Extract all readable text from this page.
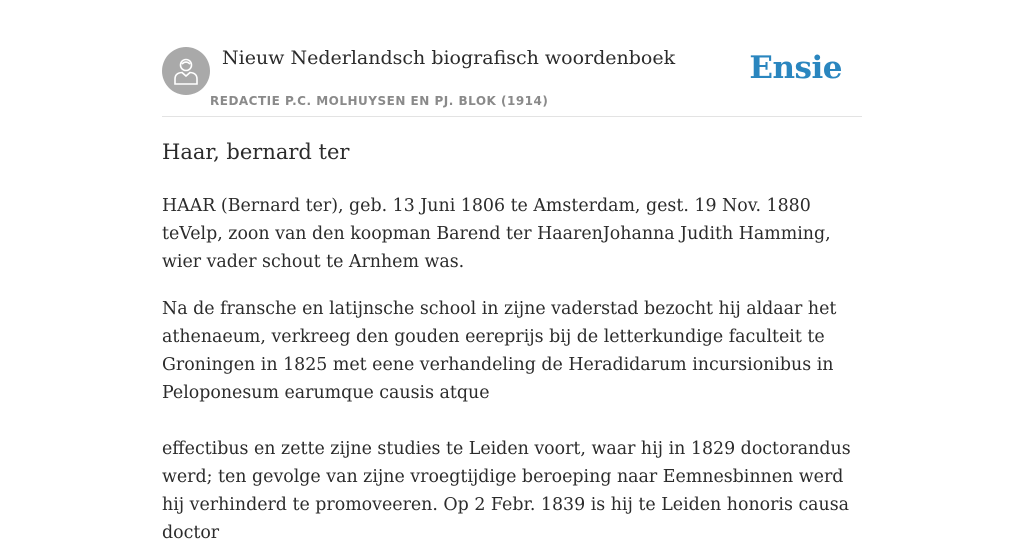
Nieuw Nederlandsch biografisch woordenboek
REDACTIE P.C. MOLHUYSEN EN PJ. BLOK (1914)
Ensie
Haar, bernard ter

HAAR (Bernard ter), geb. 13 Juni 1806 te Amsterdam, gest. 19 Nov. 1880 teVelp, zoon van den koopman Barend ter HaarenJohanna Judith Hamming, wier vader schout te Arnhem was.

Na de fransche en latijnsche school in zijne vaderstad bezocht hij aldaar het athenaeum, verkreeg den gouden eereprijs bij de letterkundige faculteit te Groningen in 1825 met eene verhandeling de Heradidarum incursionibus in Peloponesum earumque causis atque

effectibus en zette zijne studies te Leiden voort, waar hij in 1829 doctorandus werd; ten gevolge van zijne vroegtijdige beroeping naar Eemnesbinnen werd hij verhinderd te promoveeren. Op 2 Febr. 1839 is hij te Leiden honoris causa doctor
